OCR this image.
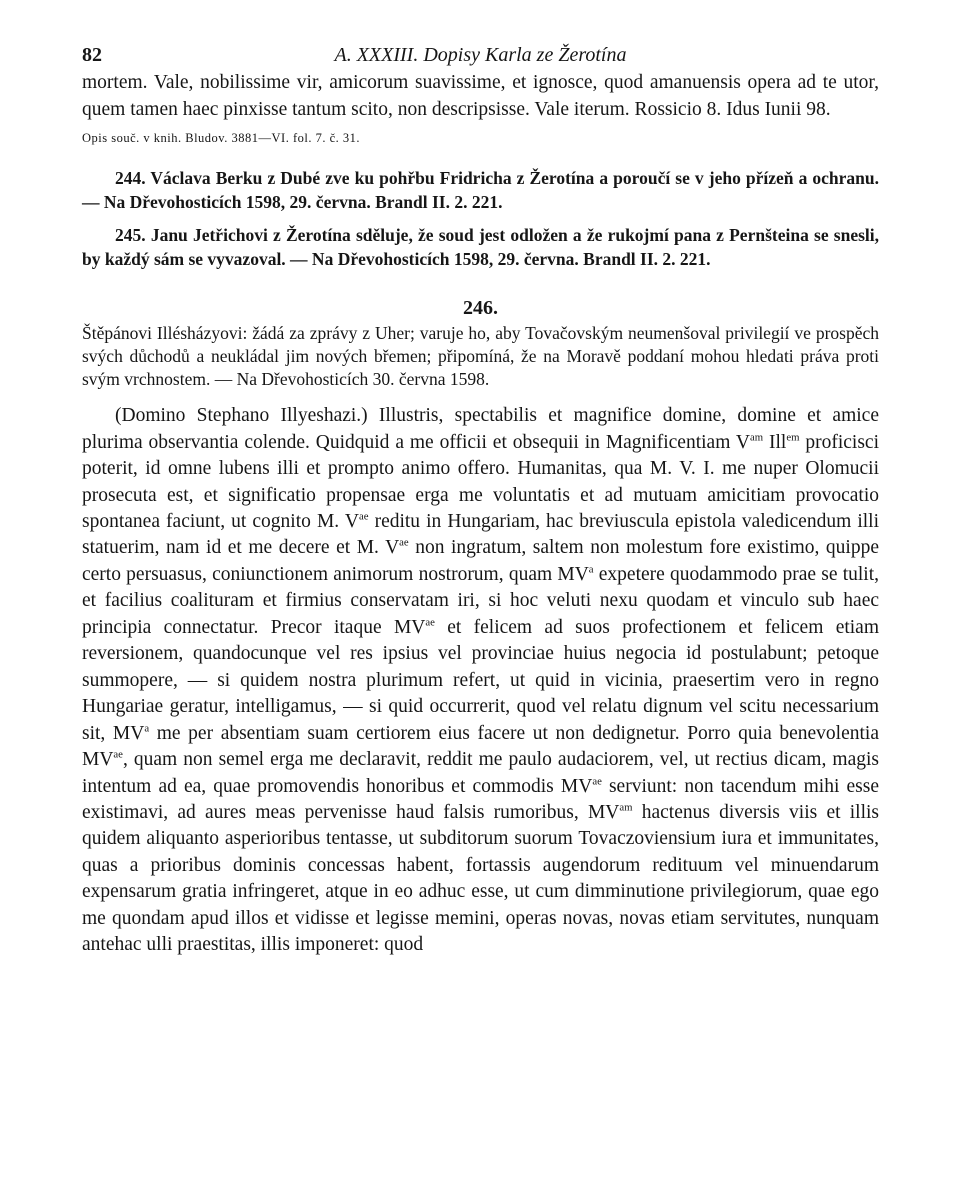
82	A. XXXIII. Dopisy Karla ze Žerotína

mortem. Vale, nobilissime vir, amicorum suavissime, et ignosce, quod amanuensis opera ad te utor, quem tamen haec pinxisse tantum scito, non descripsisse. Vale iterum. Rossicio 8. Idus Iunii 98.

Opis souč. v knih. Bludov. 3881—VI. fol. 7. č. 31.

244. Václava Berku z Dubé zve ku pohřbu Fridricha z Žerotína a poroučí se v jeho přízeň a ochranu. — Na Dřevohosticích 1598, 29. června. Brandl II. 2. 221.

245. Janu Jetřichovi z Žerotína sděluje, že soud jest odložen a že rukojmí pana z Pernšteina se snesli, by každý sám se vyvazoval. — Na Dřevohosticích 1598, 29. června. Brandl II. 2. 221.

246.

Štěpánovi Illésházyovi: žádá za zprávy z Uher; varuje ho, aby Tovačovským neumenšoval privilegií ve prospěch svých důchodů a neukládal jim nových břemen; připomíná, že na Moravě poddaní mohou hledati práva proti svým vrchnostem. — Na Dřevohosticích 30. června 1598.

(Domino Stephano Illyeshazi.) Illustris, spectabilis et magnifice domine, domine et amice plurima observantia colende. Quidquid a me officii et obsequii in Magnificentiam $V^{am}$ Ill$^{em}$ proficisci poterit, id omne lubens illi et prompto animo offero. Humanitas, qua M. V. I. me nuper Olomucii prosecuta est, et significatio propensae erga me voluntatis et ad mutuam amicitiam provocatio spontanea faciunt, ut cognito M. $V^{ae}$ reditu in Hungariam, hac breviuscula epistola valedicendum illi statuerim, nam id et me decere et M. $V^{ae}$ non ingratum, saltem non molestum fore existimo, quippe certo persuasus, coniunctionem animorum nostrorum, quam $MV^a$ expetere quodammodo prae se tulit, et facilius coalituram et firmius conservatam iri, si hoc veluti nexu quodam et vinculo sub haec principia connectatur. Precor itaque $MV^{ae}$ et felicem ad suos profectionem et felicem etiam reversionem, quandocunque vel res ipsius vel provinciae huius negocia id postulabunt; petoque summopere, — si quidem nostra plurimum refert, ut quid in vicinia, praesertim vero in regno Hungariae geratur, intelligamus, — si quid occurrerit, quod vel relatu dignum vel scitu necessarium sit, $MV^a$ me per absentiam suam certiorem eius facere ut non dedignetur. Porro quia benevolentia $MV^{ae}$, quam non semel erga me declaravit, reddit me paulo audaciorem, vel, ut rectius dicam, magis intentum ad ea, quae promovendis honoribus et commodis $MV^{ae}$ serviunt: non tacendum mihi esse existimavi, ad aures meas pervenisse haud falsis rumoribus, $MV^{am}$ hactenus diversis viis et illis quidem aliquanto asperioribus tentasse, ut subditorum suorum Tovaczoviensium iura et immunitates, quas a prioribus dominis concessas habent, fortassis augendorum redituum vel minuendarum expensarum gratia infringeret, atque in eo adhuc esse, ut cum dimminutione privilegiorum, quae ego me quondam apud illos et vidisse et legisse memini, operas novas, novas etiam servitutes, nunquam antehac ulli praestitas, illis imponeret: quod
